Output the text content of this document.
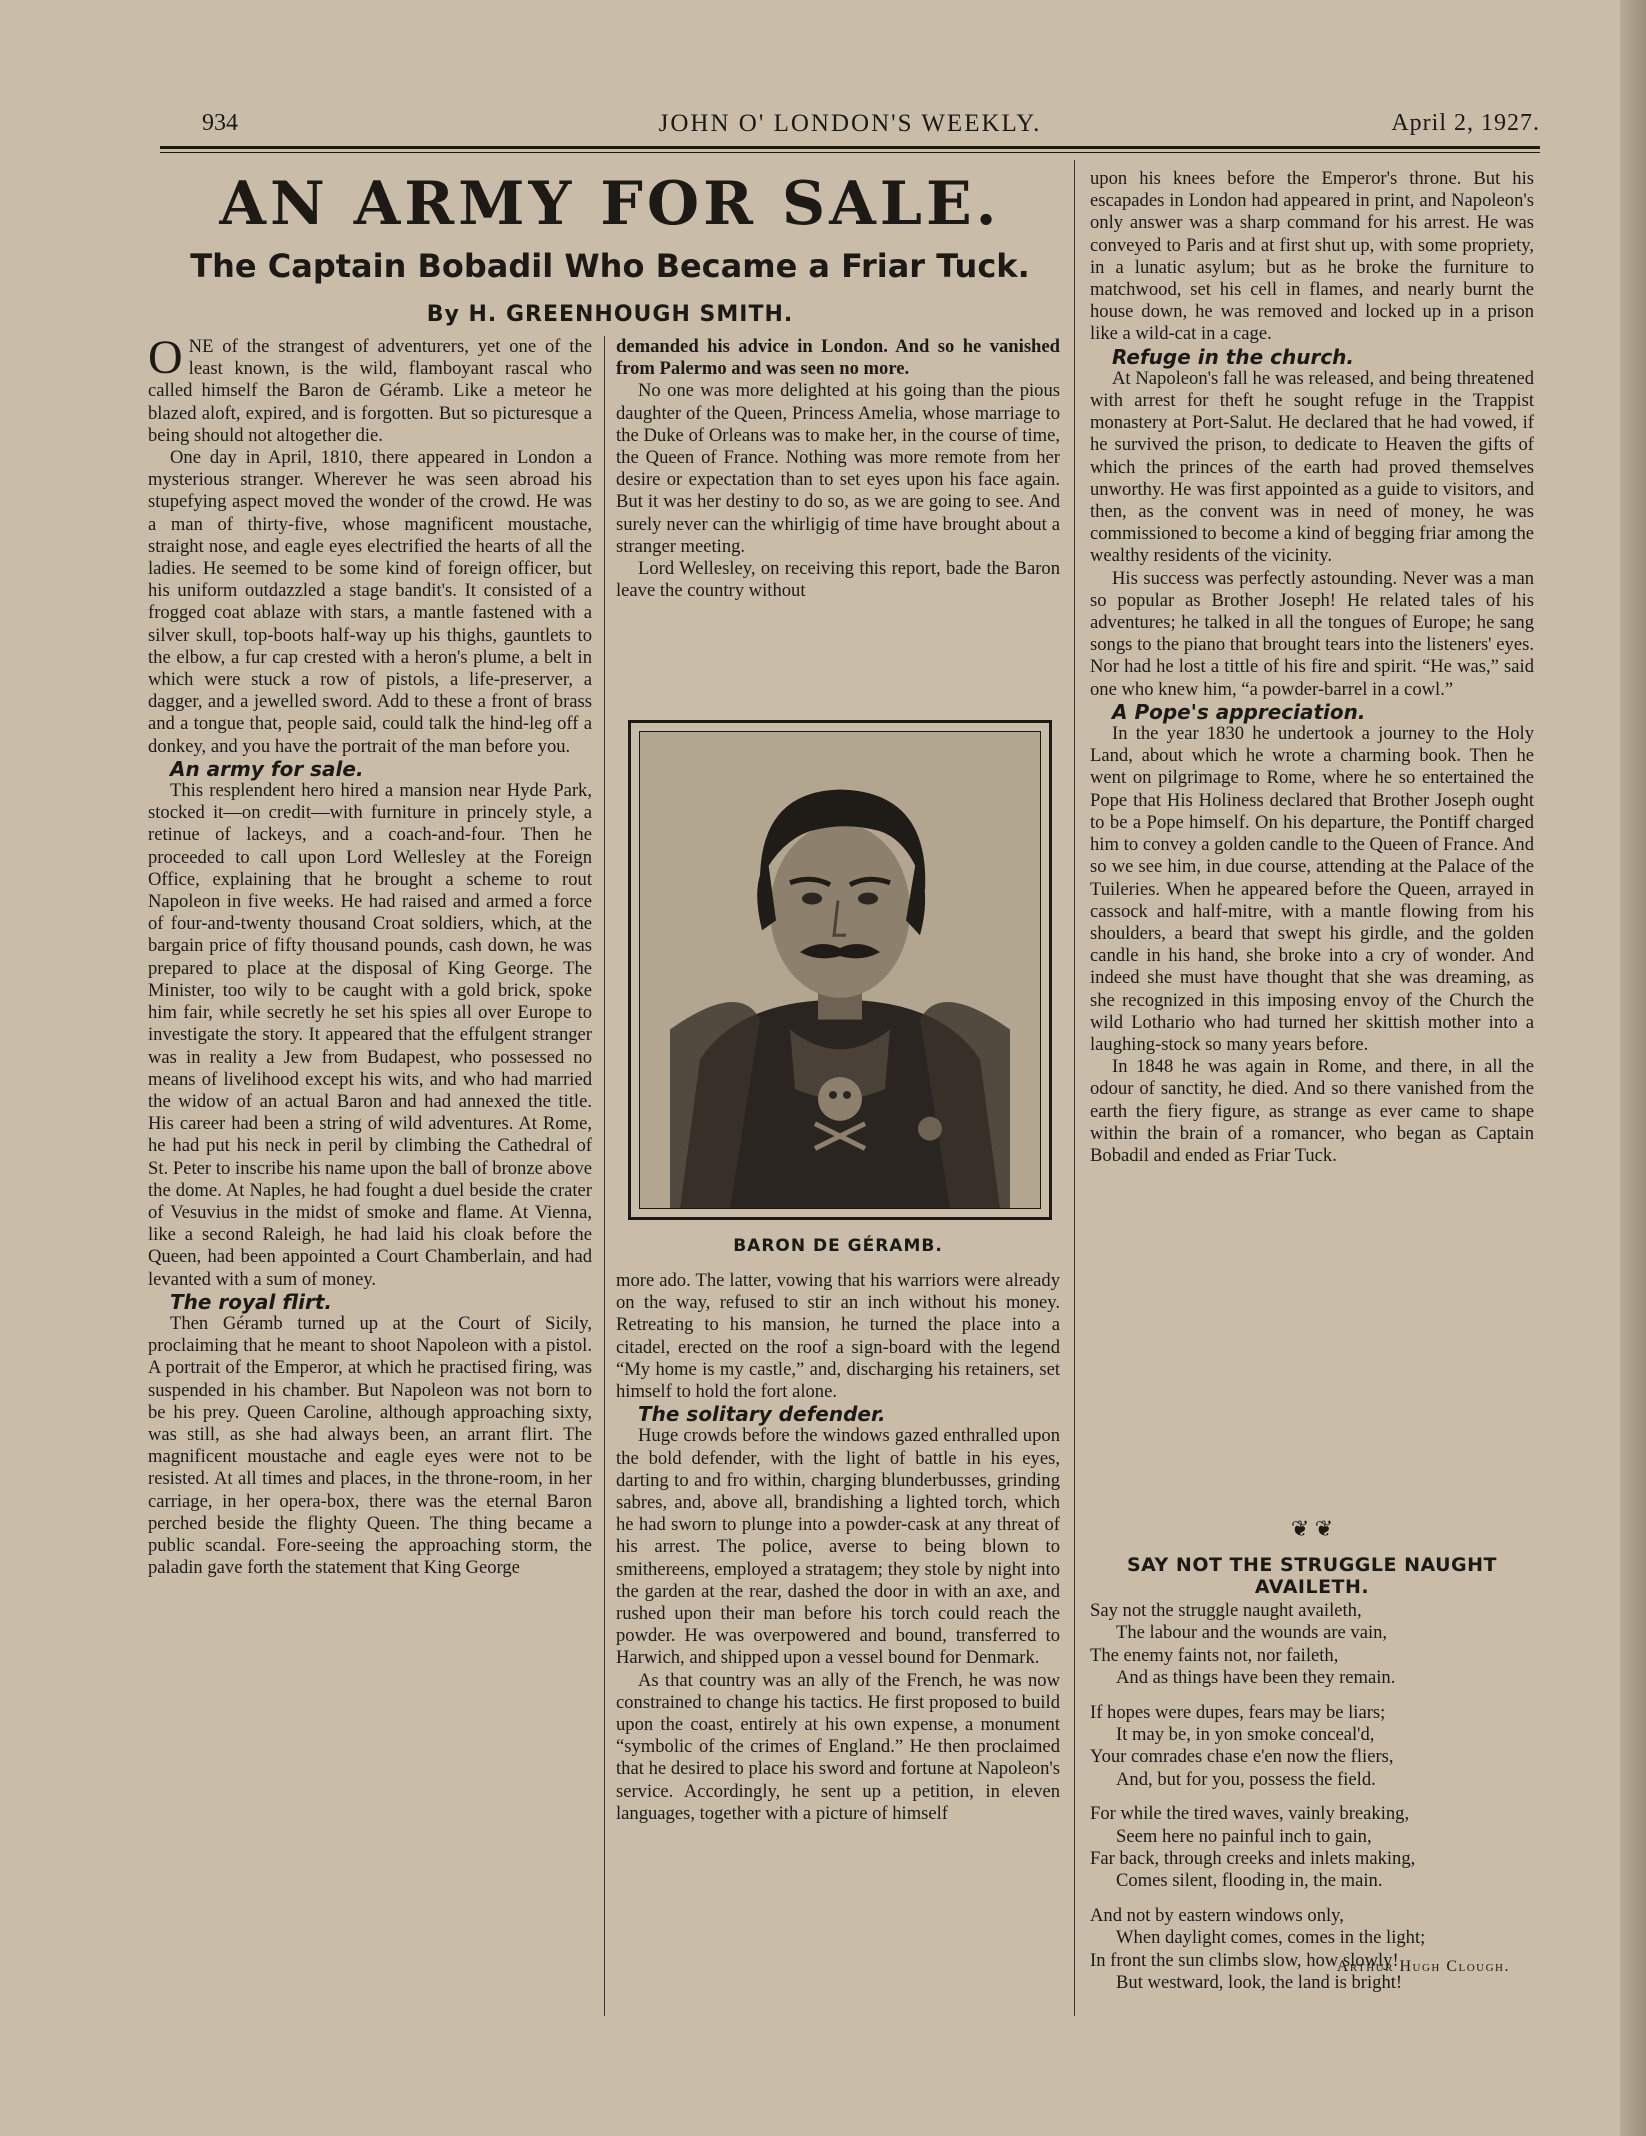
934	JOHN O' LONDON'S WEEKLY.	April 2, 1927.
AN ARMY FOR SALE.
The Captain Bobadil Who Became a Friar Tuck.
By H. GREENHOUGH SMITH.

ONE of the strangest of adventurers, yet one of the least known, is the wild, flamboyant rascal who called himself the Baron de Géramb. Like a meteor he blazed aloft, expired, and is forgotten. But so picturesque a being should not altogether die.

One day in April, 1810, there appeared in London a mysterious stranger. Wherever he was seen abroad his stupefying aspect moved the wonder of the crowd. He was a man of thirty-five, whose magnificent moustache, straight nose, and eagle eyes electrified the hearts of all the ladies. He seemed to be some kind of foreign officer, but his uniform outdazzled a stage bandit's. It consisted of a frogged coat ablaze with stars, a mantle fastened with a silver skull, top-boots half-way up his thighs, gauntlets to the elbow, a fur cap crested with a heron's plume, a belt in which were stuck a row of pistols, a life-preserver, a dagger, and a jewelled sword. Add to these a front of brass and a tongue that, people said, could talk the hind-leg off a donkey, and you have the portrait of the man before you.

An army for sale.

This resplendent hero hired a mansion near Hyde Park, stocked it—on credit—with furniture in princely style, a retinue of lackeys, and a coach-and-four. Then he proceeded to call upon Lord Wellesley at the Foreign Office, explaining that he brought a scheme to rout Napoleon in five weeks. He had raised and armed a force of four-and-twenty thousand Croat soldiers, which, at the bargain price of fifty thousand pounds, cash down, he was prepared to place at the disposal of King George. The Minister, too wily to be caught with a gold brick, spoke him fair, while secretly he set his spies all over Europe to investigate the story. It appeared that the effulgent stranger was in reality a Jew from Budapest, who possessed no means of livelihood except his wits, and who had married the widow of an actual Baron and had annexed the title. His career had been a string of wild adventures. At Rome, he had put his neck in peril by climbing the Cathedral of St. Peter to inscribe his name upon the ball of bronze above the dome. At Naples, he had fought a duel beside the crater of Vesuvius in the midst of smoke and flame. At Vienna, like a second Raleigh, he had laid his cloak before the Queen, had been appointed a Court Chamberlain, and had levanted with a sum of money.

The royal flirt.

Then Géramb turned up at the Court of Sicily, proclaiming that he meant to shoot Napoleon with a pistol. A portrait of the Emperor, at which he practised firing, was suspended in his chamber. But Napoleon was not born to be his prey. Queen Caroline, although approaching sixty, was still, as she had always been, an arrant flirt. The magnificent moustache and eagle eyes were not to be resisted. At all times and places, in the throne-room, in her carriage, in her opera-box, there was the eternal Baron perched beside the flighty Queen. The thing became a public scandal. Fore-seeing the approaching storm, the paladin gave forth the statement that King George

demanded his advice in London. And so he vanished from Palermo and was seen no more.

No one was more delighted at his going than the pious daughter of the Queen, Princess Amelia, whose marriage to the Duke of Orleans was to make her, in the course of time, the Queen of France. Nothing was more remote from her desire or expectation than to set eyes upon his face again. But it was her destiny to do so, as we are going to see. And surely never can the whirligig of time have brought about a stranger meeting.

Lord Wellesley, on receiving this report, bade the Baron leave the country without

BARON DE GÉRAMB.

more ado. The latter, vowing that his warriors were already on the way, refused to stir an inch without his money. Retreating to his mansion, he turned the place into a citadel, erected on the roof a sign-board with the legend “My home is my castle,” and, discharging his retainers, set himself to hold the fort alone.

The solitary defender.

Huge crowds before the windows gazed enthralled upon the bold defender, with the light of battle in his eyes, darting to and fro within, charging blunderbusses, grinding sabres, and, above all, brandishing a lighted torch, which he had sworn to plunge into a powder-cask at any threat of his arrest. The police, averse to being blown to smithereens, employed a stratagem; they stole by night into the garden at the rear, dashed the door in with an axe, and rushed upon their man before his torch could reach the powder. He was overpowered and bound, transferred to Harwich, and shipped upon a vessel bound for Denmark.

As that country was an ally of the French, he was now constrained to change his tactics. He first proposed to build upon the coast, entirely at his own expense, a monument “symbolic of the crimes of England.” He then proclaimed that he desired to place his sword and fortune at Napoleon's service. Accordingly, he sent up a petition, in eleven languages, together with a picture of himself

upon his knees before the Emperor's throne. But his escapades in London had appeared in print, and Napoleon's only answer was a sharp command for his arrest. He was conveyed to Paris and at first shut up, with some propriety, in a lunatic asylum; but as he broke the furniture to matchwood, set his cell in flames, and nearly burnt the house down, he was removed and locked up in a prison like a wild-cat in a cage.

Refuge in the church.

At Napoleon's fall he was released, and being threatened with arrest for theft he sought refuge in the Trappist monastery at Port-Salut. He declared that he had vowed, if he survived the prison, to dedicate to Heaven the gifts of which the princes of the earth had proved themselves unworthy. He was first appointed as a guide to visitors, and then, as the convent was in need of money, he was commissioned to become a kind of begging friar among the wealthy residents of the vicinity.

His success was perfectly astounding. Never was a man so popular as Brother Joseph! He related tales of his adventures; he talked in all the tongues of Europe; he sang songs to the piano that brought tears into the listeners' eyes. Nor had he lost a tittle of his fire and spirit. “He was,” said one who knew him, “a powder-barrel in a cowl.”

A Pope's appreciation.

In the year 1830 he undertook a journey to the Holy Land, about which he wrote a charming book. Then he went on pilgrimage to Rome, where he so entertained the Pope that His Holiness declared that Brother Joseph ought to be a Pope himself. On his departure, the Pontiff charged him to convey a golden candle to the Queen of France. And so we see him, in due course, attending at the Palace of the Tuileries. When he appeared before the Queen, arrayed in cassock and half-mitre, with a mantle flowing from his shoulders, a beard that swept his girdle, and the golden candle in his hand, she broke into a cry of wonder. And indeed she must have thought that she was dreaming, as she recognized in this imposing envoy of the Church the wild Lothario who had turned her skittish mother into a laughing-stock so many years before.

In 1848 he was again in Rome, and there, in all the odour of sanctity, he died. And so there vanished from the earth the fiery figure, as strange as ever came to shape within the brain of a romancer, who began as Captain Bobadil and ended as Friar Tuck.

❦ ❦
SAY NOT THE STRUGGLE NAUGHT
AVAILETH.
Say not the struggle naught availeth,
The labour and the wounds are vain,
The enemy faints not, nor faileth,
And as things have been they remain.
If hopes were dupes, fears may be liars;
It may be, in yon smoke conceal'd,
Your comrades chase e'en now the fliers,
And, but for you, possess the field.
For while the tired waves, vainly breaking,
Seem here no painful inch to gain,
Far back, through creeks and inlets making,
Comes silent, flooding in, the main.
And not by eastern windows only,
When daylight comes, comes in the light;
In front the sun climbs slow, how slowly!
But westward, look, the land is bright!
Arthur Hugh Clough.
